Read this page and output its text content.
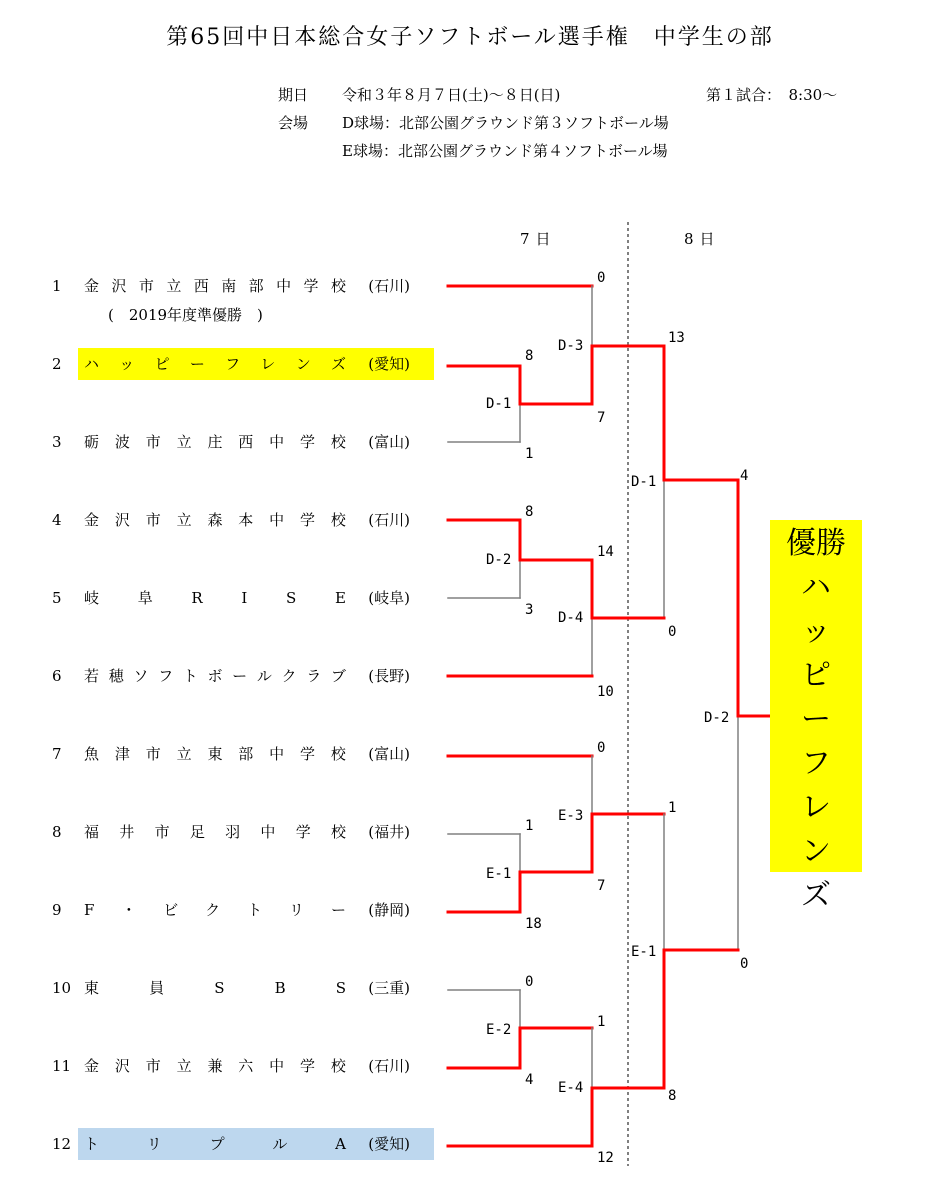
第65回中日本総合女子ソフトボール選手権　中学生の部
期日 令和３年８月７日(土)～８日(日)	第１試合：　8:30～
会場 D球場：北部公園グラウンド第３ソフトボール場
E球場：北部公園グラウンド第４ソフトボール場
7日	8日
1	金 沢 市 立 西 南 部 中 学 校 (石川)
2	ハ ッ ピ ー フ レ ン ズ (愛知)
3	砺 波 市 立 庄 西 中 学 校 (富山)
4	金 沢 市 立 森 本 中 学 校 (石川)
5	岐	阜	R	I	S	E (岐阜)
6	若 穂 ソ フ ト ボ ー ル ク ラ ブ (長野)
7	魚 津 市 立 東 部 中 学 校 (富山)
8	福 井 市 足 羽 中 学 校 (福井)
9	F ・ ビ ク ト リ ー (静岡)
10 東	員	S	B	S (三重)
11 金 沢 市 立 兼 六 中 学 校 (石川)
12 ト	リ	プ	ル	A (愛知)
(　2019年度準優勝　)
D-1
D-2
D-3
D-4
D-1
E-1
E-2
E-3
E-4
E-1
D-2
8
1
8
3
0
7
14
10
13
0
1
18
0
4
0
7
1
12
1
8
4
0
優勝
ハ
ッ
ピ
ー
フ
レ
ン
ズ
